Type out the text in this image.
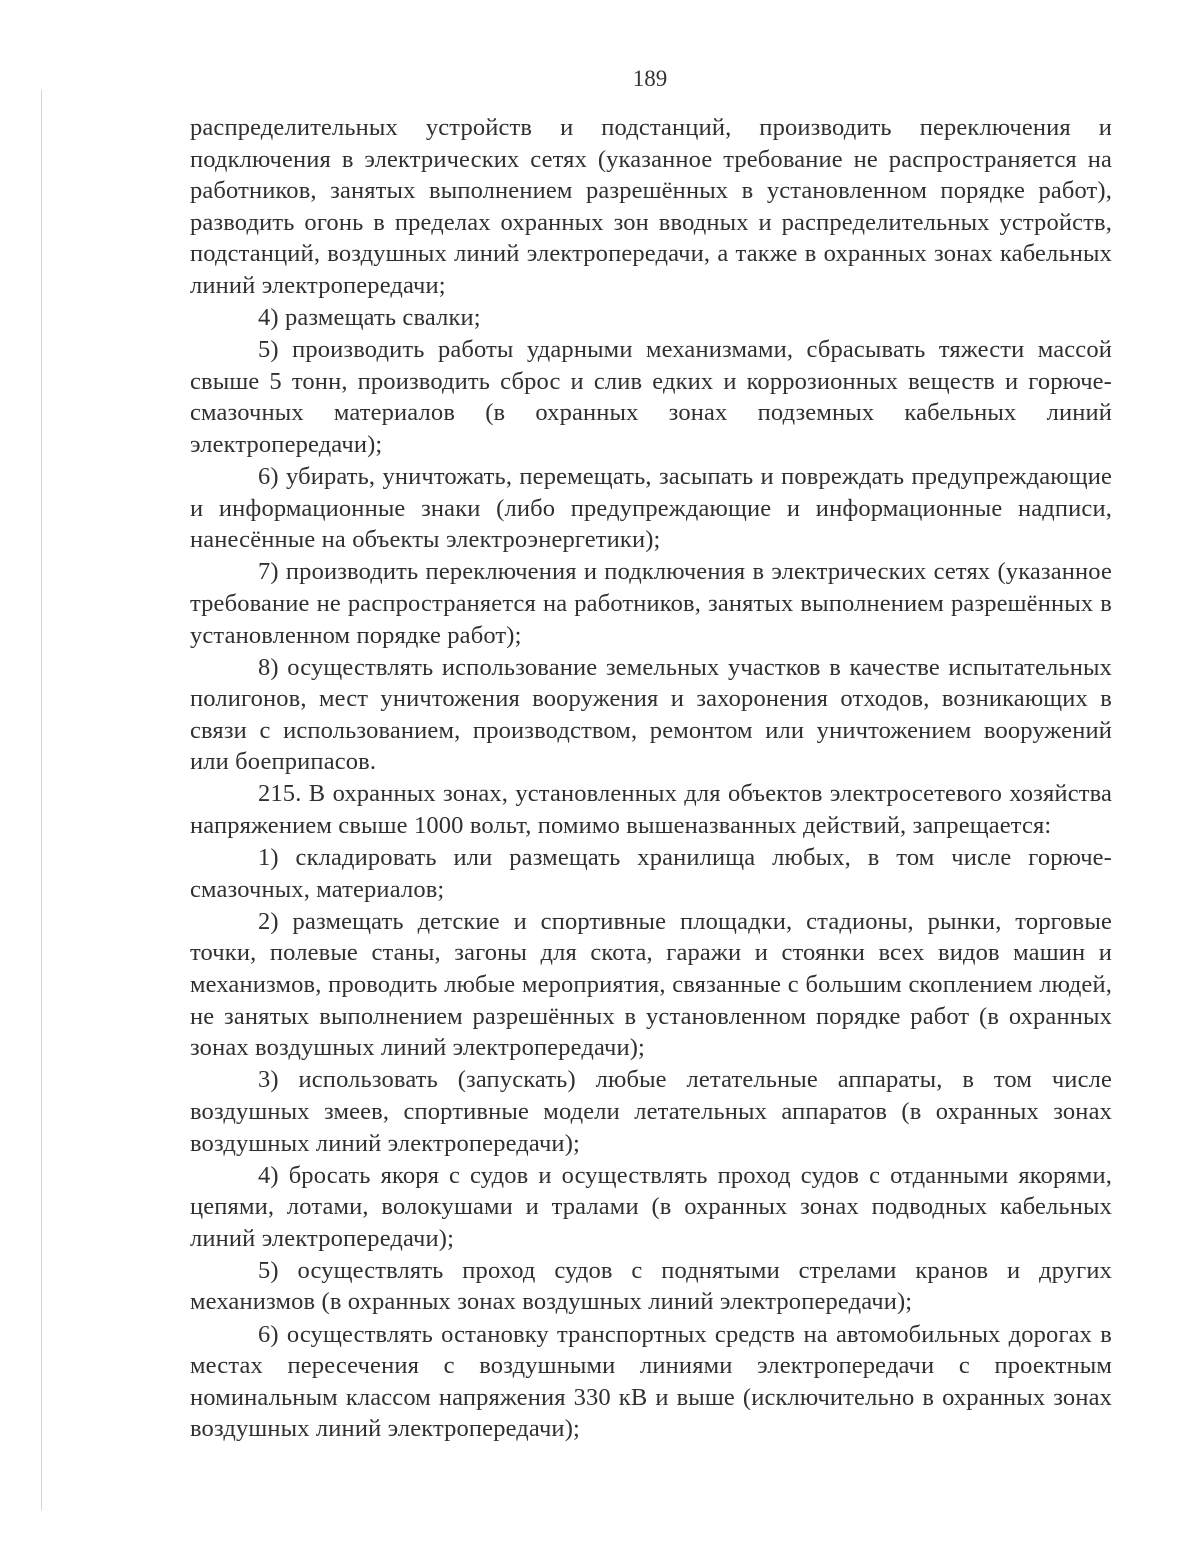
189

распределительных устройств и подстанций, производить переключения и подключения в электрических сетях (указанное требование не распространяется на работников, занятых выполнением разрешённых в установленном порядке работ), разводить огонь в пределах охранных зон вводных и распределительных устройств, подстанций, воздушных линий электропередачи, а также в охранных зонах кабельных линий электропередачи;

4) размещать свалки;

5) производить работы ударными механизмами, сбрасывать тяжести массой свыше 5 тонн, производить сброс и слив едких и коррозионных веществ и горюче-смазочных материалов (в охранных зонах подземных кабельных линий электропередачи);

6) убирать, уничтожать, перемещать, засыпать и повреждать предупреждающие и информационные знаки (либо предупреждающие и информационные надписи, нанесённые на объекты электроэнергетики);

7) производить переключения и подключения в электрических сетях (указанное требование не распространяется на работников, занятых выполнением разрешённых в установленном порядке работ);

8) осуществлять использование земельных участков в качестве испытательных полигонов, мест уничтожения вооружения и захоронения отходов, возникающих в связи с использованием, производством, ремонтом или уничтожением вооружений или боеприпасов.

215. В охранных зонах, установленных для объектов электросетевого хозяйства напряжением свыше 1000 вольт, помимо вышеназванных действий, запрещается:

1) складировать или размещать хранилища любых, в том числе горюче-смазочных, материалов;

2) размещать детские и спортивные площадки, стадионы, рынки, торговые точки, полевые станы, загоны для скота, гаражи и стоянки всех видов машин и механизмов, проводить любые мероприятия, связанные с большим скоплением людей, не занятых выполнением разрешённых в установленном порядке работ (в охранных зонах воздушных линий электропередачи);

3) использовать (запускать) любые летательные аппараты, в том числе воздушных змеев, спортивные модели летательных аппаратов (в охранных зонах воздушных линий электропередачи);

4) бросать якоря с судов и осуществлять проход судов с отданными якорями, цепями, лотами, волокушами и тралами (в охранных зонах подводных кабельных линий электропередачи);

5) осуществлять проход судов с поднятыми стрелами кранов и других механизмов (в охранных зонах воздушных линий электропередачи);

6) осуществлять остановку транспортных средств на автомобильных дорогах в местах пересечения с воздушными линиями электропередачи с проектным номинальным классом напряжения 330 кВ и выше (исключительно в охранных зонах воздушных линий электропередачи);
